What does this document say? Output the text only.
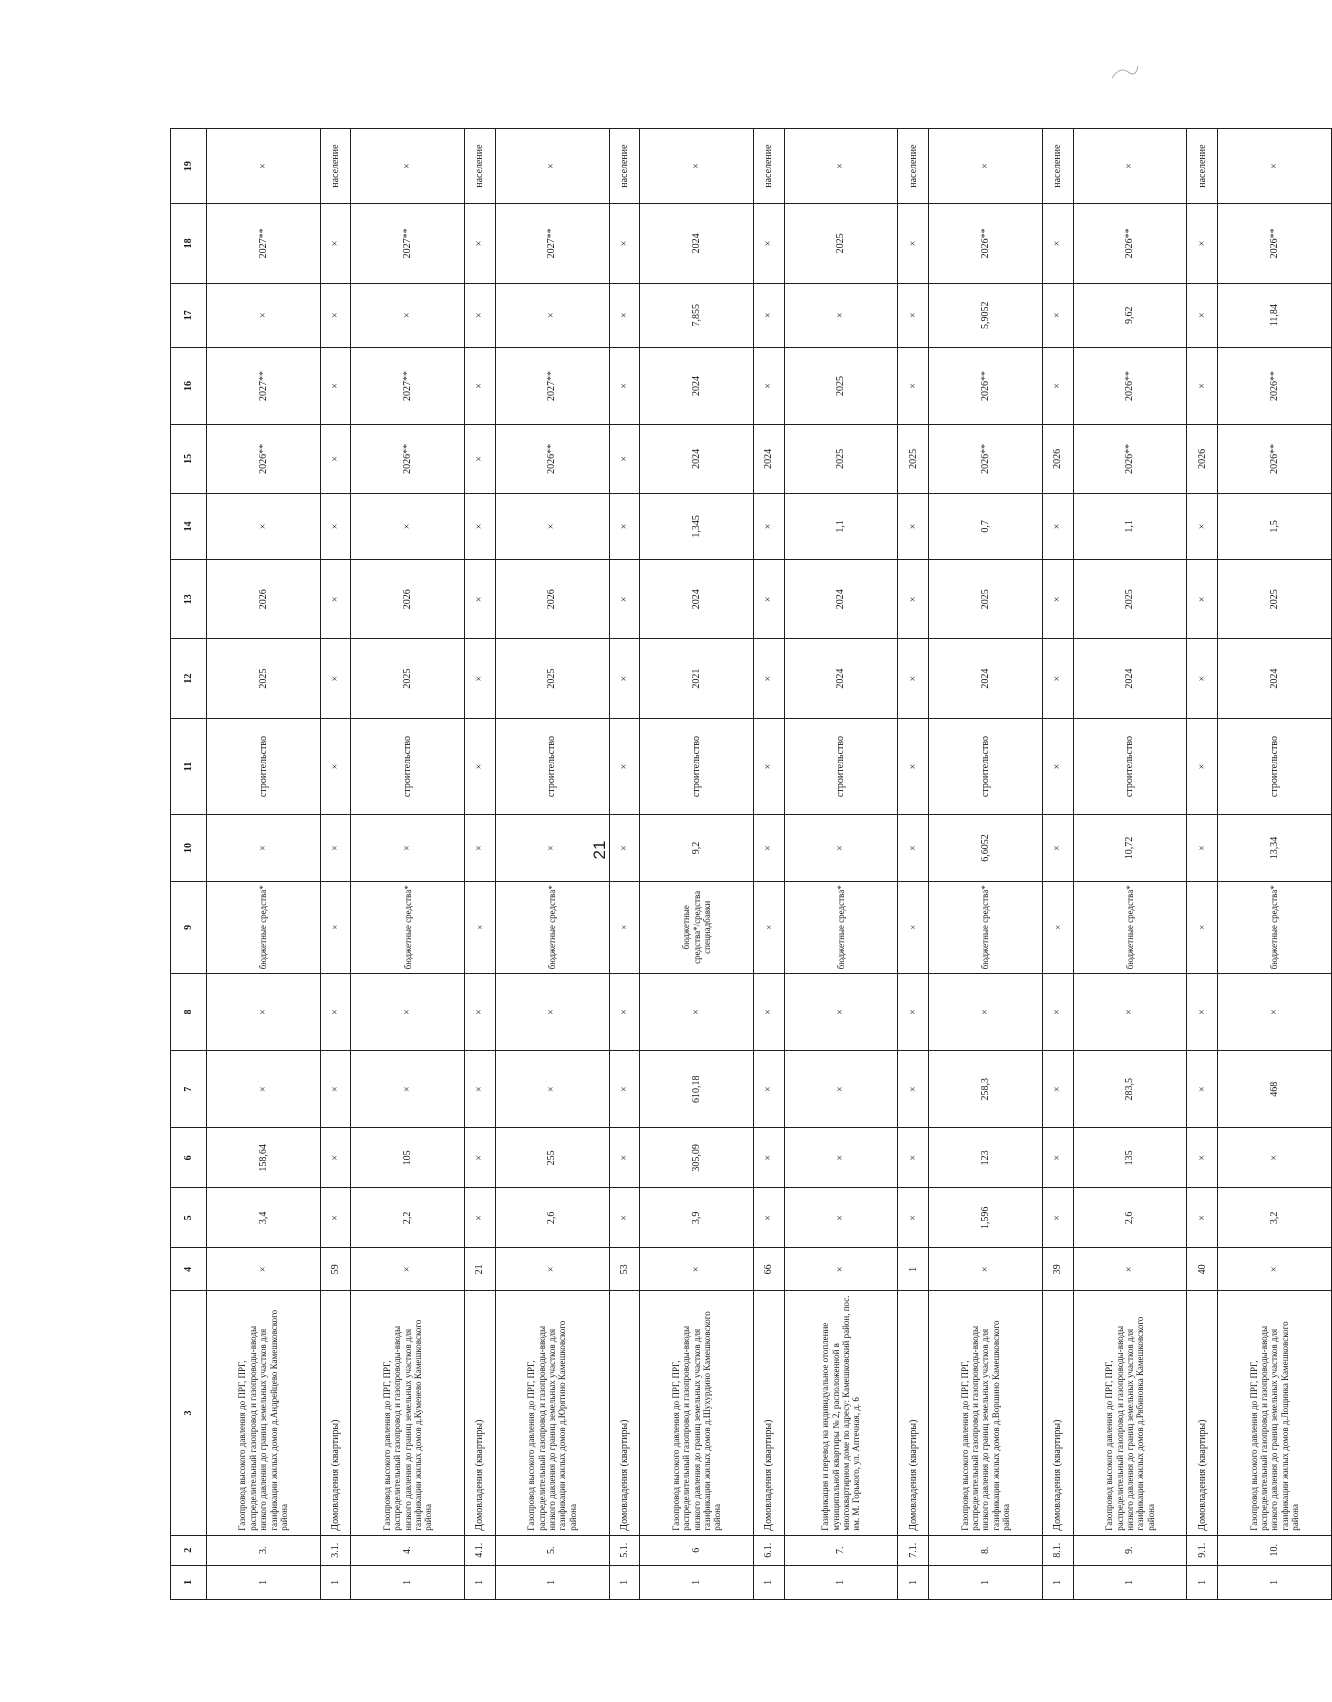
21
1	2	3	4	5	6	7	8	9	10	11	12	13	14	15	16	17	18	19
1	3.	Газопровод высокого давления до ПРГ, ПРГ, распределительный газопровод и газопроводы-вводы низкого давления до границ земельных участков для газификации жилых домов д.Андрейцево Камешковского района	×	3,4	158,64	×	×	бюджетные средства*	×	строительство	2025	2026	×	2026**	2027**	×	2027**	×
1	3.1.	Домовладения (квартиры)	59	×	×	×	×	×	×	×	×	×	×	×	×	×	×	население
1	4.	Газопровод высокого давления до ПРГ, ПРГ, распределительный газопровод и газопроводы-вводы низкого давления до границ земельных участков для газификации жилых домов д.Куменево Камешковского района	×	2,2	105	×	×	бюджетные средства*	×	строительство	2025	2026	×	2026**	2027**	×	2027**	×
1	4.1.	Домовладения (квартиры)	21	×	×	×	×	×	×	×	×	×	×	×	×	×	×	население
1	5.	Газопровод высокого давления до ПРГ, ПРГ, распределительный газопровод и газопроводы-вводы низкого давления до границ земельных участков для газификации жилых домов д.Юрятино Камешковского района	×	2,6	255	×	×	бюджетные средства*	×	строительство	2025	2026	×	2026**	2027**	×	2027**	×
1	5.1.	Домовладения (квартиры)	53	×	×	×	×	×	×	×	×	×	×	×	×	×	×	население
1	6	Газопровод высокого давления до ПРГ, ПРГ, распределительный газопровод и газопроводы-вводы низкого давления до границ земельных участков для газификации жилых домов д.Шухурдино Камешковского района	×	3,9	305,09	610,18	×	бюджетные средства*/средства спецнадбавки	9,2	строительство	2021	2024	1,345	2024	2024	7,855	2024	×
1	6.1.	Домовладения (квартиры)	66	×	×	×	×	×	×	×	×	×	×	2024	×	×	×	население
1	7.	Газификация и перевод на индивидуальное отопление муниципальной квартиры № 2, расположенной в многоквартирном доме по адресу: Камешковский район, пос. им. М. Горького, ул. Аптечная, д. 6	×	×	×	×	×	бюджетные средства*	×	строительство	2024	2024	1,1	2025	2025	×	2025	×
1	7.1.	Домовладения (квартиры)	1	×	×	×	×	×	×	×	×	×	×	2025	×	×	×	население
1	8.	Газопровод высокого давления до ПРГ, ПРГ, распределительный газопровод и газопроводы-вводы низкого давления до границ земельных участков для газификации жилых домов д.Воршино Камешковского района	×	1,596	123	258,3	×	бюджетные средства*	6,6052	строительство	2024	2025	0,7	2026**	2026**	5,9052	2026**	×
1	8.1.	Домовладения (квартиры)	39	×	×	×	×	×	×	×	×	×	×	2026	×	×	×	население
1	9.	Газопровод высокого давления до ПРГ, ПРГ, распределительный газопровод и газопроводы-вводы низкого давления до границ земельных участков для газификации жилых домов д.Рябиновка Камешковского района	×	2,6	135	283,5	×	бюджетные средства*	10,72	строительство	2024	2025	1,1	2026**	2026**	9,62	2026**	×
1	9.1.	Домовладения (квартиры)	40	×	×	×	×	×	×	×	×	×	×	2026	×	×	×	население
1	10.	Газопровод высокого давления до ПРГ, ПРГ, распределительный газопровод и газопроводы-вводы низкого давления до границ земельных участков для газификации жилых домов д.Лощинка Камешковского района	×	3,2	×	468	×	бюджетные средства*	13,34	строительство	2024	2025	1,5	2026**	2026**	11,84	2026**	×
